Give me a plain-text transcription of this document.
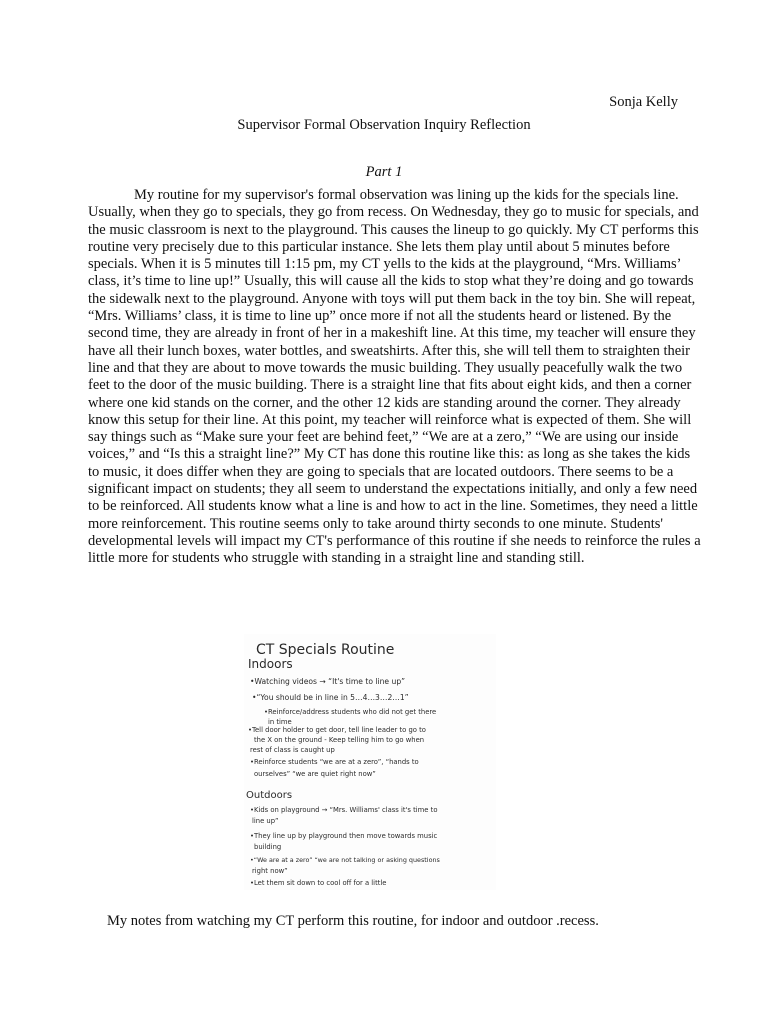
Sonja Kelly
Supervisor Formal Observation Inquiry Reflection
Part 1

My routine for my supervisor's formal observation was lining up the kids for the specials line. Usually, when they go to specials, they go from recess. On Wednesday, they go to music for specials, and the music classroom is next to the playground. This causes the lineup to go quickly. My CT performs this routine very precisely due to this particular instance. She lets them play until about 5 minutes before specials. When it is 5 minutes till 1:15 pm, my CT yells to the kids at the playground, “Mrs. Williams’ class, it’s time to line up!” Usually, this will cause all the kids to stop what they’re doing and go towards the sidewalk next to the playground. Anyone with toys will put them back in the toy bin. She will repeat, “Mrs. Williams’ class, it is time to line up” once more if not all the students heard or listened. By the second time, they are already in front of her in a makeshift line. At this time, my teacher will ensure they have all their lunch boxes, water bottles, and sweatshirts. After this, she will tell them to straighten their line and that they are about to move towards the music building. They usually peacefully walk the two feet to the door of the music building. There is a straight line that fits about eight kids, and then a corner where one kid stands on the corner, and the other 12 kids are standing around the corner. They already know this setup for their line. At this point, my teacher will reinforce what is expected of them. She will say things such as “Make sure your feet are behind feet,” “We are at a zero,” “We are using our inside voices,” and “Is this a straight line?” My CT has done this routine like this: as long as she takes the kids to music, it does differ when they are going to specials that are located outdoors. There seems to be a significant impact on students; they all seem to understand the expectations initially, and only a few need to be reinforced. All students know what a line is and how to act in the line. Sometimes, they need a little more reinforcement. This routine seems only to take around thirty seconds to one minute. Students' developmental levels will impact my CT's performance of this routine if she needs to reinforce the rules a little more for students who struggle with standing in a straight line and standing still.

CT Specials Routine
Indoors
•Watching videos → “It's time to line up”
•“You should be in line in 5…4…3…2…1”
•Reinforce/address students who did not get there
in time
•Tell door holder to get door, tell line leader to go to
the X on the ground - Keep telling him to go when
rest of class is caught up
•Reinforce students “we are at a zero”, “hands to
ourselves” “we are quiet right now”
Outdoors
•Kids on playground → “Mrs. Williams' class it's time to
line up”
•They line up by playground then move towards music
building
•“We are at a zero” “we are not talking or asking questions
right now”
•Let them sit down to cool off for a little
My notes from watching my CT perform this routine, for indoor and outdoor .recess.
